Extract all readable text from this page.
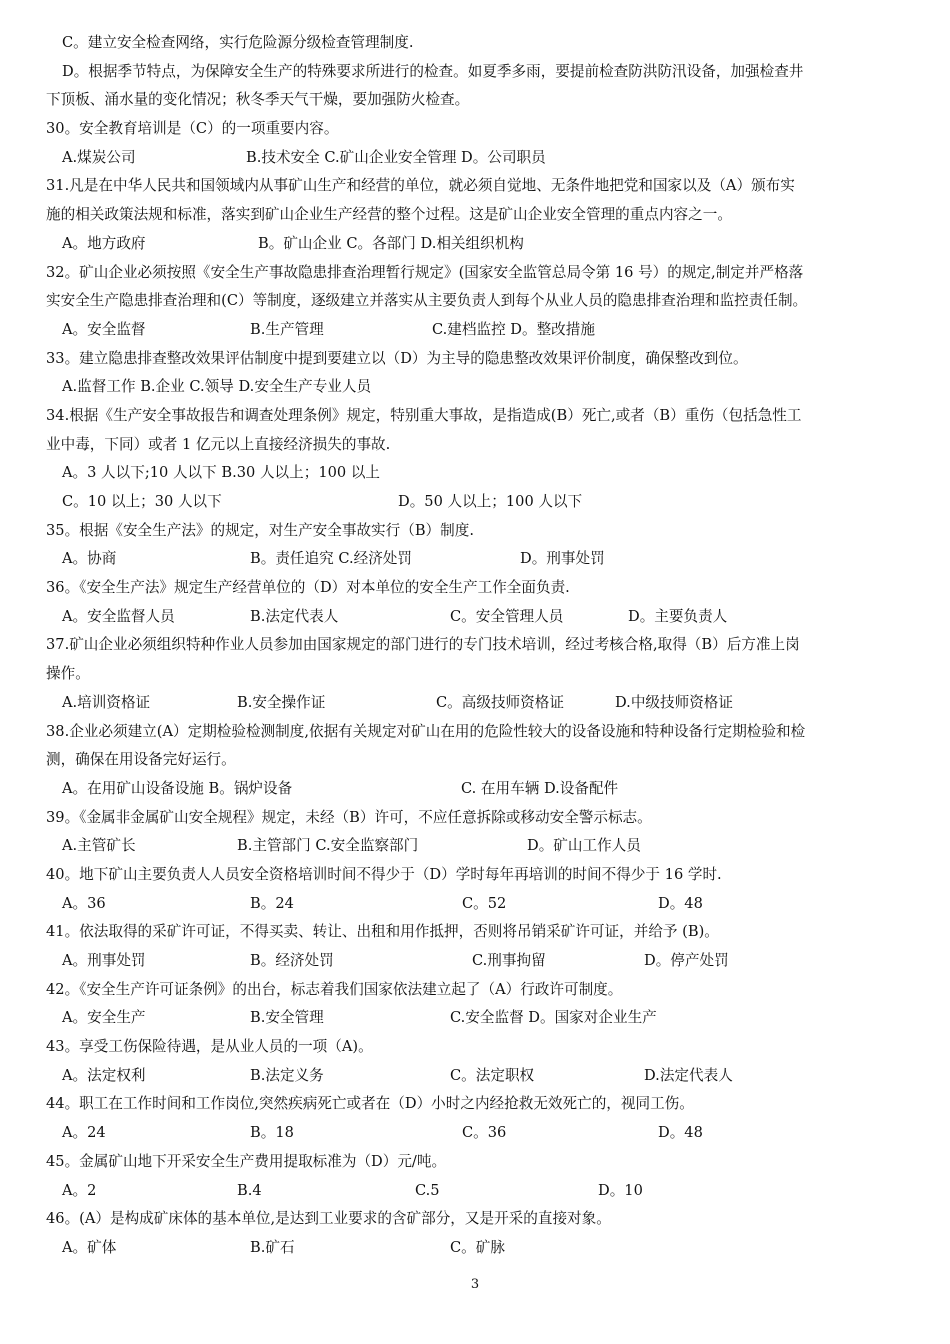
C。建立安全检查网络，实行危险源分级检查管理制度.
D。根据季节特点，为保障安全生产的特殊要求所进行的检查。如夏季多雨，要提前检查防洪防汛设备，加强检查井
下顶板、涌水量的变化情况；秋冬季天气干燥，要加强防火检查。
30。安全教育培训是（C）的一项重要内容。
A.煤炭公司	B.技术安全 C.矿山企业安全管理 D。公司职员
31.凡是在中华人民共和国领域内从事矿山生产和经营的单位，就必须自觉地、无条件地把党和国家以及（A）颁布实
施的相关政策法规和标准，落实到矿山企业生产经营的整个过程。这是矿山企业安全管理的重点内容之一。
A。地方政府	B。矿山企业 C。各部门 D.相关组织机构
32。矿山企业必须按照《安全生产事故隐患排查治理暂行规定》(国家安全监管总局令第 16 号）的规定,制定并严格落
实安全生产隐患排查治理和(C）等制度，逐级建立并落实从主要负责人到每个从业人员的隐患排查治理和监控责任制。
A。安全监督	B.生产管理	C.建档监控 D。整改措施
33。建立隐患排查整改效果评估制度中提到要建立以（D）为主导的隐患整改效果评价制度，确保整改到位。
A.监督工作 B.企业 C.领导 D.安全生产专业人员
34.根据《生产安全事故报告和调查处理条例》规定，特别重大事故，是指造成(B）死亡,或者（B）重伤（包括急性工
业中毒，下同）或者 1 亿元以上直接经济损失的事故.
A。3 人以下;10 人以下 B.30 人以上；100 以上
C。10 以上；30 人以下	D。50 人以上；100 人以下
35。根据《安全生产法》的规定，对生产安全事故实行（B）制度.
A。协商	B。责任追究 C.经济处罚	D。刑事处罚
36。《安全生产法》规定生产经营单位的（D）对本单位的安全生产工作全面负责.
A。安全监督人员	B.法定代表人	C。安全管理人员	D。主要负责人
37.矿山企业必须组织特种作业人员参加由国家规定的部门进行的专门技术培训，经过考核合格,取得（B）后方准上岗
操作。
A.培训资格证	B.安全操作证	C。高级技师资格证	D.中级技师资格证
38.企业必须建立(A）定期检验检测制度,依据有关规定对矿山在用的危险性较大的设备设施和特种设备行定期检验和检
测，确保在用设备完好运行。
A。在用矿山设备设施 B。锅炉设备	C. 在用车辆 D.设备配件
39。《金属非金属矿山安全规程》规定，未经（B）许可，不应任意拆除或移动安全警示标志。
A.主管矿长	B.主管部门 C.安全监察部门	D。矿山工作人员
40。地下矿山主要负责人人员安全资格培训时间不得少于（D）学时每年再培训的时间不得少于 16 学时.
A。36	B。24	C。52	D。48
41。依法取得的采矿许可证，不得买卖、转让、出租和用作抵押，否则将吊销采矿许可证，并给予 (B)。
A。刑事处罚	B。经济处罚	C.刑事拘留	D。停产处罚
42。《安全生产许可证条例》的出台，标志着我们国家依法建立起了（A）行政许可制度。
A。安全生产	B.安全管理	C.安全监督 D。国家对企业生产
43。享受工伤保险待遇，是从业人员的一项（A)。
A。法定权利	B.法定义务	C。法定职权	D.法定代表人
44。职工在工作时间和工作岗位,突然疾病死亡或者在（D）小时之内经抢救无效死亡的，视同工伤。
A。24	B。18	C。36	D。48
45。金属矿山地下开采安全生产费用提取标准为（D）元/吨。
A。2	B.4	C.5	D。10
46。(A）是构成矿床体的基本单位,是达到工业要求的含矿部分，又是开采的直接对象。
A。矿体	B.矿石	C。矿脉
3
